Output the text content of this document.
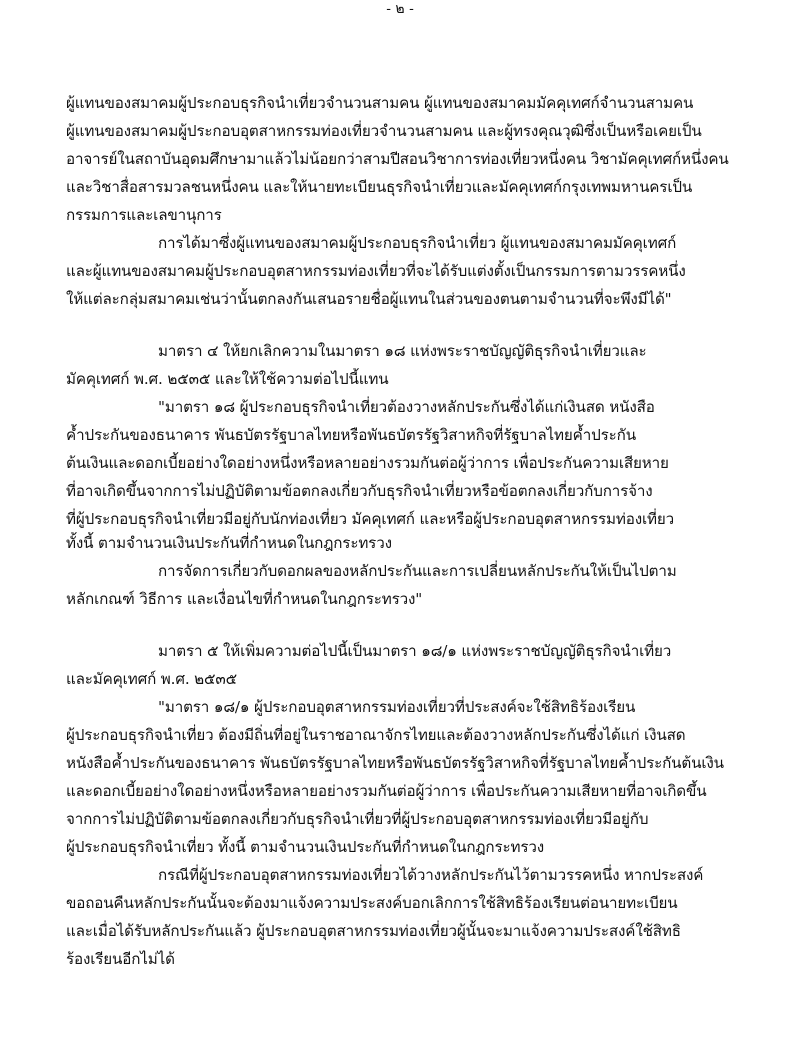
- ๒ -
ผู้แทนของสมาคมผู้ประกอบธุรกิจนำเที่ยวจำนวนสามคน ผู้แทนของสมาคมมัคคุเทศก์จำนวนสามคน
ผู้แทนของสมาคมผู้ประกอบอุตสาหกรรมท่องเที่ยวจำนวนสามคน และผู้ทรงคุณวุฒิซึ่งเป็นหรือเคยเป็น
อาจารย์ในสถาบันอุดมศึกษามาแล้วไม่น้อยกว่าสามปีสอนวิชาการท่องเที่ยวหนึ่งคน วิชามัคคุเทศก์หนึ่งคน
และวิชาสื่อสารมวลชนหนึ่งคน และให้นายทะเบียนธุรกิจนำเที่ยวและมัคคุเทศก์กรุงเทพมหานครเป็น
กรรมการและเลขานุการ
การได้มาซึ่งผู้แทนของสมาคมผู้ประกอบธุรกิจนำเที่ยว ผู้แทนของสมาคมมัคคุเทศก์
และผู้แทนของสมาคมผู้ประกอบอุตสาหกรรมท่องเที่ยวที่จะได้รับแต่งตั้งเป็นกรรมการตามวรรคหนึ่ง
ให้แต่ละกลุ่มสมาคมเช่นว่านั้นตกลงกันเสนอรายชื่อผู้แทนในส่วนของตนตามจำนวนที่จะพึงมีได้"
มาตรา ๔ ให้ยกเลิกความในมาตรา ๑๘ แห่งพระราชบัญญัติธุรกิจนำเที่ยวและ
มัคคุเทศก์ พ.ศ. ๒๕๓๕ และให้ใช้ความต่อไปนี้แทน
"มาตรา ๑๘ ผู้ประกอบธุรกิจนำเที่ยวต้องวางหลักประกันซึ่งได้แก่เงินสด หนังสือ
ค้ำประกันของธนาคาร พันธบัตรรัฐบาลไทยหรือพันธบัตรรัฐวิสาหกิจที่รัฐบาลไทยค้ำประกัน
ต้นเงินและดอกเบี้ยอย่างใดอย่างหนึ่งหรือหลายอย่างรวมกันต่อผู้ว่าการ เพื่อประกันความเสียหาย
ที่อาจเกิดขึ้นจากการไม่ปฏิบัติตามข้อตกลงเกี่ยวกับธุรกิจนำเที่ยวหรือข้อตกลงเกี่ยวกับการจ้าง
ที่ผู้ประกอบธุรกิจนำเที่ยวมีอยู่กับนักท่องเที่ยว มัคคุเทศก์ และหรือผู้ประกอบอุตสาหกรรมท่องเที่ยว
ทั้งนี้ ตามจำนวนเงินประกันที่กำหนดในกฎกระทรวง
การจัดการเกี่ยวกับดอกผลของหลักประกันและการเปลี่ยนหลักประกันให้เป็นไปตาม
หลักเกณฑ์ วิธีการ และเงื่อนไขที่กำหนดในกฎกระทรวง"
มาตรา ๕ ให้เพิ่มความต่อไปนี้เป็นมาตรา ๑๘/๑ แห่งพระราชบัญญัติธุรกิจนำเที่ยว
และมัคคุเทศก์ พ.ศ. ๒๕๓๕
"มาตรา ๑๘/๑ ผู้ประกอบอุตสาหกรรมท่องเที่ยวที่ประสงค์จะใช้สิทธิร้องเรียน
ผู้ประกอบธุรกิจนำเที่ยว ต้องมีถิ่นที่อยู่ในราชอาณาจักรไทยและต้องวางหลักประกันซึ่งได้แก่ เงินสด
หนังสือค้ำประกันของธนาคาร พันธบัตรรัฐบาลไทยหรือพันธบัตรรัฐวิสาหกิจที่รัฐบาลไทยค้ำประกันต้นเงิน
และดอกเบี้ยอย่างใดอย่างหนึ่งหรือหลายอย่างรวมกันต่อผู้ว่าการ เพื่อประกันความเสียหายที่อาจเกิดขึ้น
จากการไม่ปฏิบัติตามข้อตกลงเกี่ยวกับธุรกิจนำเที่ยวที่ผู้ประกอบอุตสาหกรรมท่องเที่ยวมีอยู่กับ
ผู้ประกอบธุรกิจนำเที่ยว ทั้งนี้ ตามจำนวนเงินประกันที่กำหนดในกฎกระทรวง
กรณีที่ผู้ประกอบอุตสาหกรรมท่องเที่ยวได้วางหลักประกันไว้ตามวรรคหนึ่ง หากประสงค์
ขอถอนคืนหลักประกันนั้นจะต้องมาแจ้งความประสงค์บอกเลิกการใช้สิทธิร้องเรียนต่อนายทะเบียน
และเมื่อได้รับหลักประกันแล้ว ผู้ประกอบอุตสาหกรรมท่องเที่ยวผู้นั้นจะมาแจ้งความประสงค์ใช้สิทธิ
ร้องเรียนอีกไม่ได้
